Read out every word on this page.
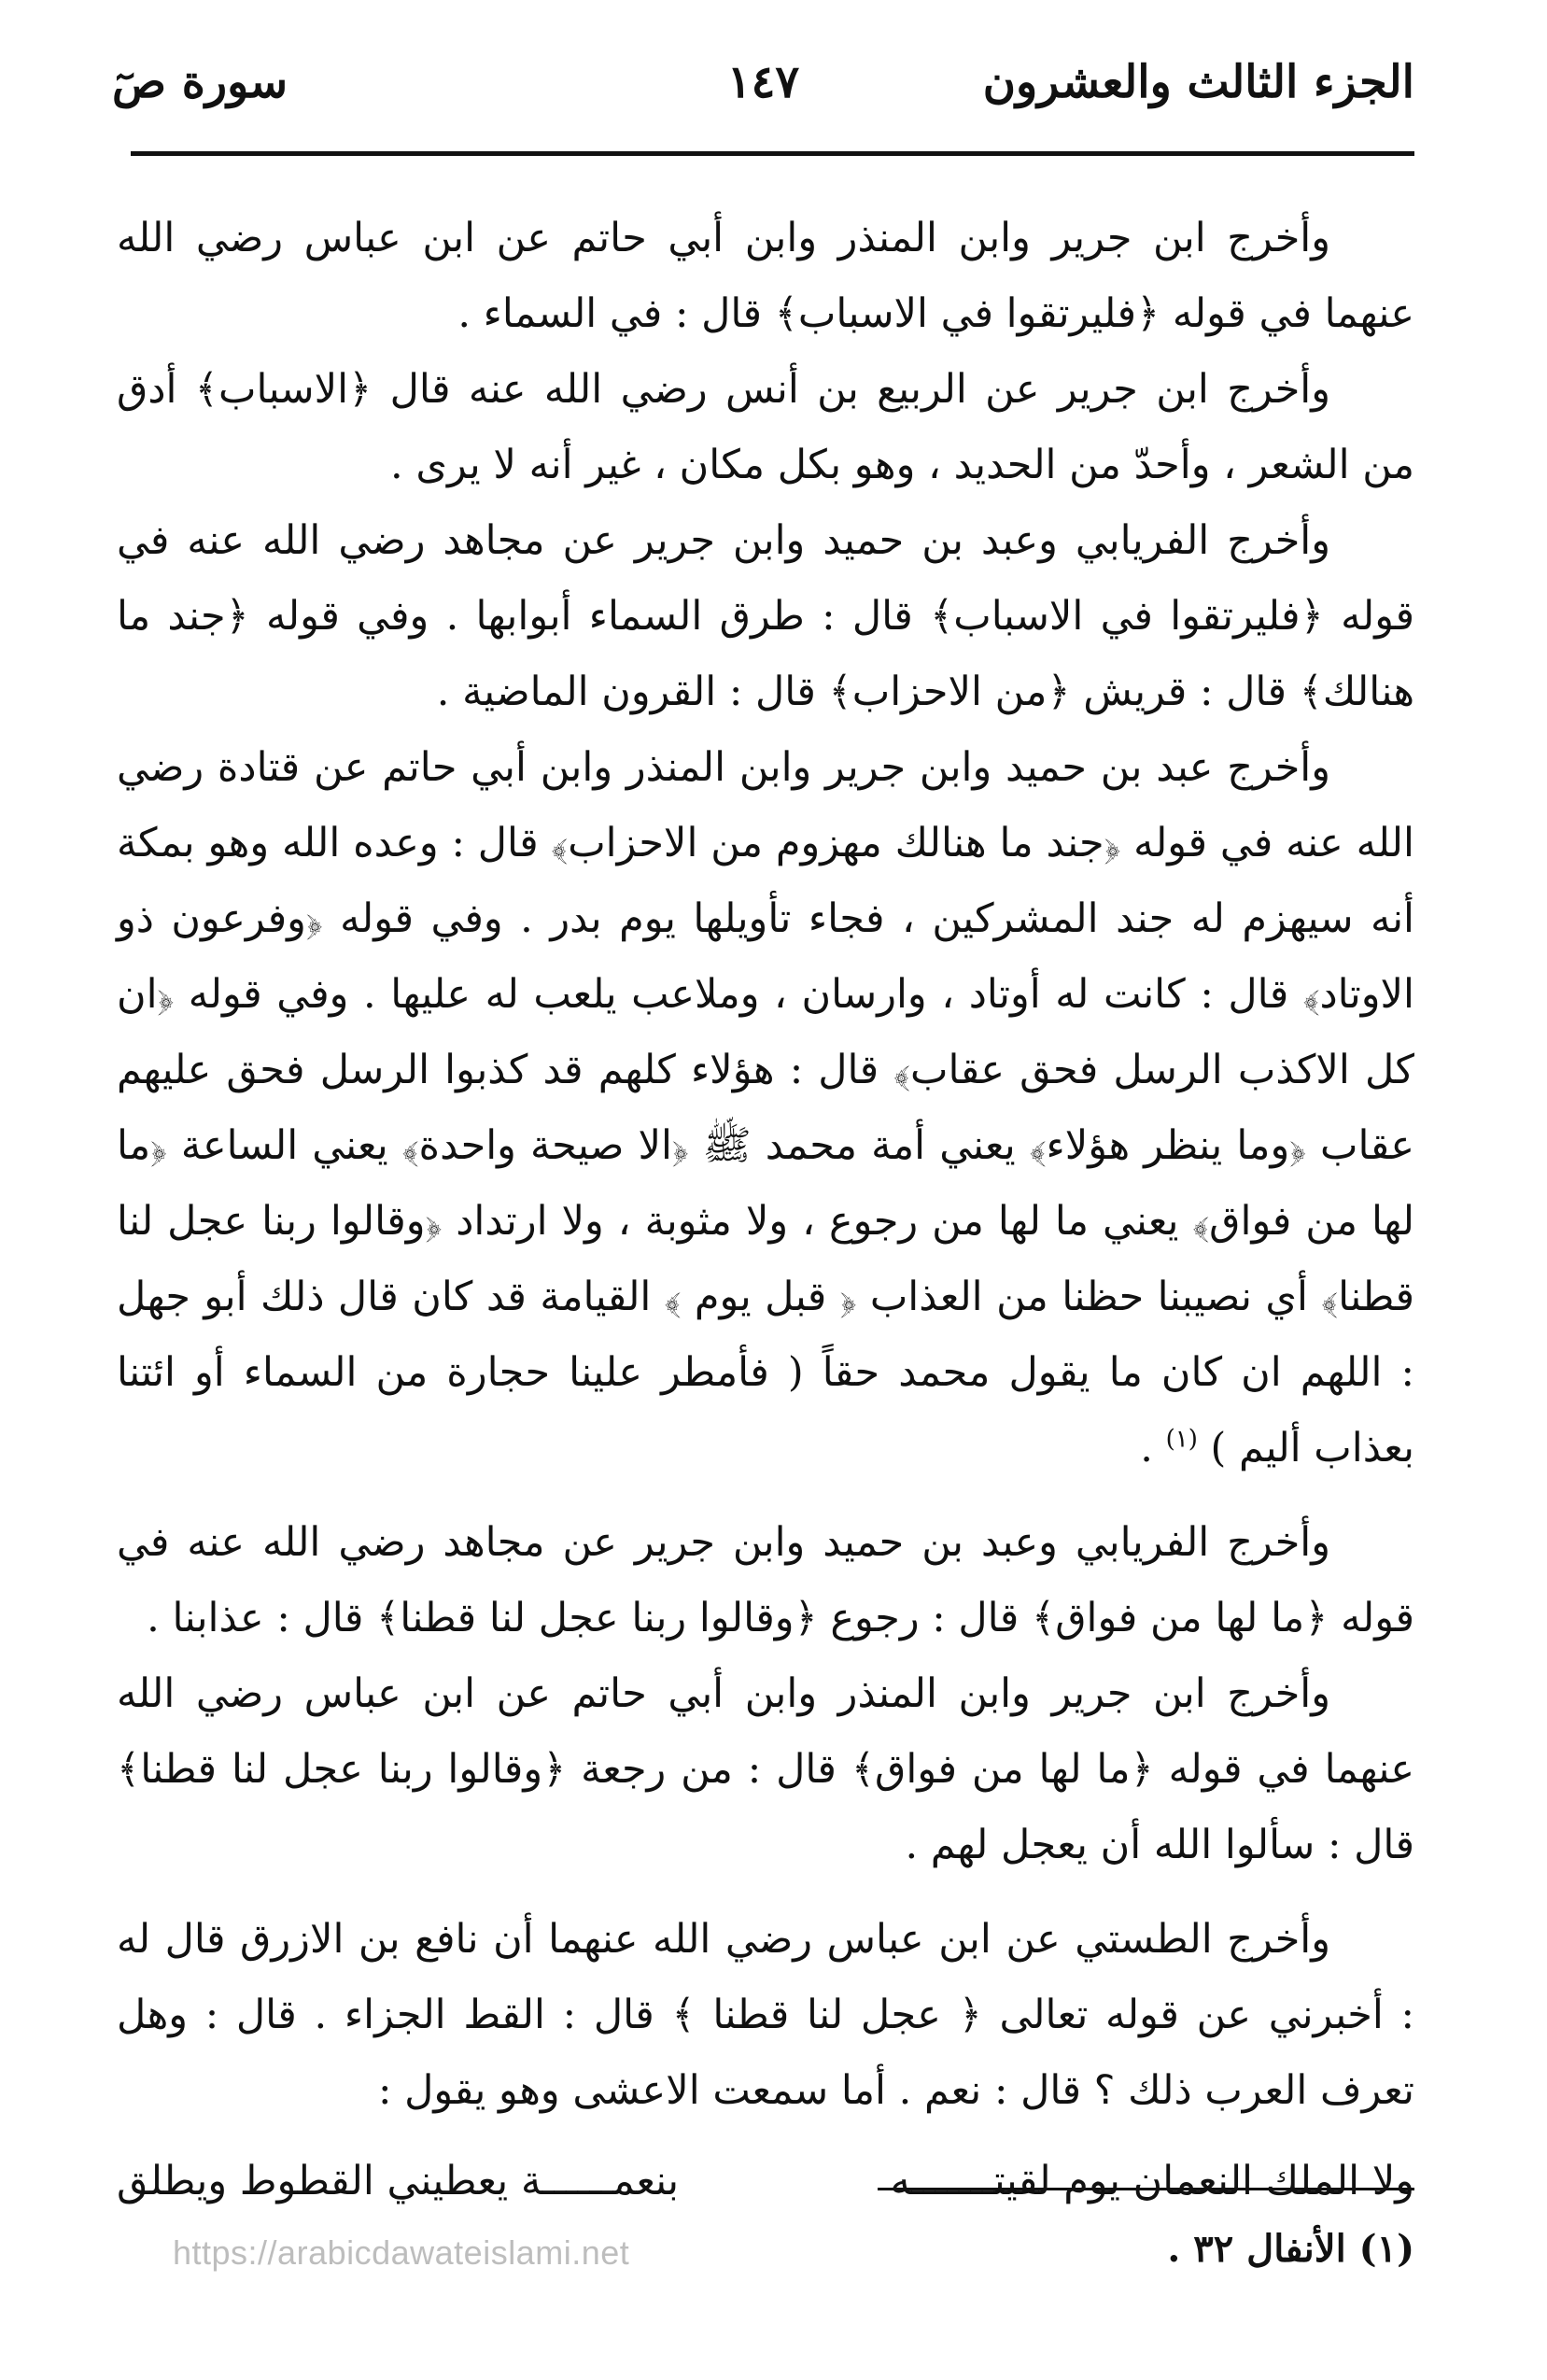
الجزء الثالث والعشرون
١٤٧
سورة صٓ

وأخرج ابن جرير وابن المنذر وابن أبي حاتم عن ابن عباس رضي الله عنهما في قوله ﴿فليرتقوا في الاسباب﴾ قال : في السماء .

وأخرج ابن جرير عن الربيع بن أنس رضي الله عنه قال ﴿الاسباب﴾ أدق من الشعر ، وأحدّ من الحديد ، وهو بكل مكان ، غير أنه لا يرى .

وأخرج الفريابي وعبد بن حميد وابن جرير عن مجاهد رضي الله عنه في قوله ﴿فليرتقوا في الاسباب﴾ قال : طرق السماء أبوابها . وفي قوله ﴿جند ما هنالك﴾ قال : قريش ﴿من الاحزاب﴾ قال : القرون الماضية .

وأخرج عبد بن حميد وابن جرير وابن المنذر وابن أبي حاتم عن قتادة رضي الله عنه في قوله ﴿جند ما هنالك مهزوم من الاحزاب﴾ قال : وعده الله وهو بمكة أنه سيهزم له جند المشركين ، فجاء تأويلها يوم بدر . وفي قوله ﴿وفرعون ذو الاوتاد﴾ قال : كانت له أوتاد ، وارسان ، وملاعب يلعب له عليها . وفي قوله ﴿ان كل الاكذب الرسل فحق عقاب﴾ قال : هؤلاء كلهم قد كذبوا الرسل فحق عليهم عقاب ﴿وما ينظر هؤلاء﴾ يعني أمة محمد ﷺ ﴿الا صيحة واحدة﴾ يعني الساعة ﴿ما لها من فواق﴾ يعني ما لها من رجوع ، ولا مثوبة ، ولا ارتداد ﴿وقالوا ربنا عجل لنا قطنا﴾ أي نصيبنا حظنا من العذاب ﴿ قبل يوم ﴾ القيامة قد كان قال ذلك أبو جهل : اللهم ان كان ما يقول محمد حقاً ( فأمطر علينا حجارة من السماء أو ائتنا بعذاب أليم ) $^{(١)}$ .

وأخرج الفريابي وعبد بن حميد وابن جرير عن مجاهد رضي الله عنه في قوله ﴿ما لها من فواق﴾ قال : رجوع ﴿وقالوا ربنا عجل لنا قطنا﴾ قال : عذابنا .

وأخرج ابن جرير وابن المنذر وابن أبي حاتم عن ابن عباس رضي الله عنهما في قوله ﴿ما لها من فواق﴾ قال : من رجعة ﴿وقالوا ربنا عجل لنا قطنا﴾ قال : سألوا الله أن يعجل لهم .

وأخرج الطستي عن ابن عباس رضي الله عنهما أن نافع بن الازرق قال له : أخبرني عن قوله تعالى ﴿ عجل لنا قطنا ﴾ قال : القط الجزاء . قال : وهل تعرف العرب ذلك ؟ قال : نعم . أما سمعت الاعشى وهو يقول :

ولا الملك النعمان يوم لقيتـــــــه
بنعمــــــة يعطيني القطوط ويطلق
(١) الأنفال ٣٢ .
https://arabicdawateislami.net
